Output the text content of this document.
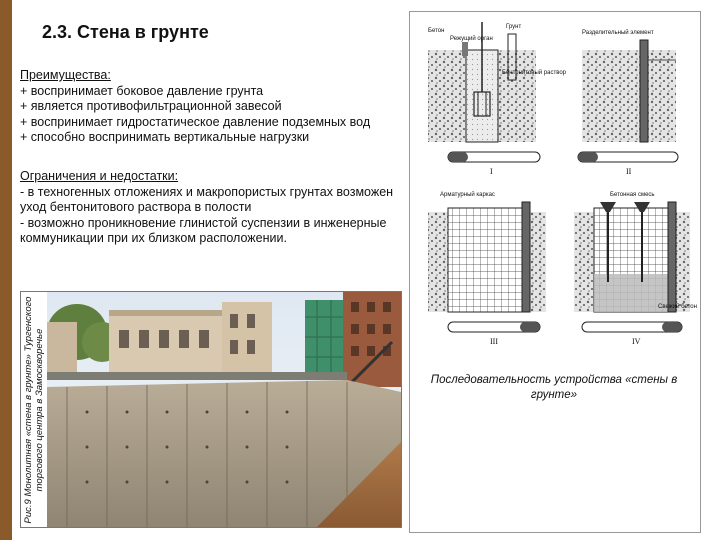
2.3. Стена в грунте
Преимущества:
+ воспринимает боковое давление грунта
+ является противофильтрационной завесой
+ воспринимает гидростатическое давление подземных вод
+ способно воспринимать вертикальные нагрузки
Ограничения и недостатки:
- в техногенных отложениях и макропористых грунтах возможен уход бентонитового раствора в полости
- возможно проникновение глинистой суспензии в инженерные коммуникации при их близком расположении.
Рис.9 Монолитная «стена в грунте» Тургенского торгового центра в Замоскворечье
Бетон
Режущий орган
Грунт
Бентонитовый раствор
I
Разделительный элемент
II
Арматурный каркас
III
Бетонная смесь
Свежий бетон
IV
Последовательность устройства «стены в грунте»
